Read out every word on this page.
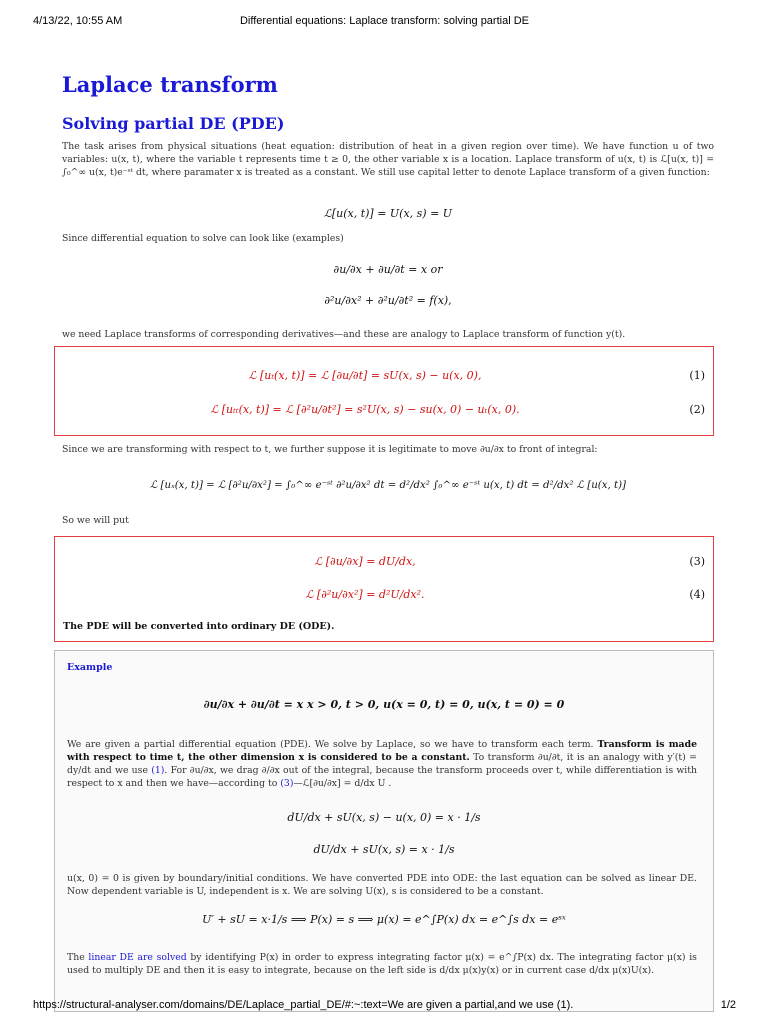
4/13/22, 10:55 AM	Differential equations: Laplace transform: solving partial DE
Laplace transform
Solving partial DE (PDE)
The task arises from physical situations (heat equation: distribution of heat in a given region over time). We have function u of two variables: u(x, t), where the variable t represents time t ≥ 0, the other variable x is a location. Laplace transform of u(x, t) is ℒ[u(x, t)] = ∫₀^∞ u(x, t)e⁻ˢᵗ dt, where paramater x is treated as a constant. We still use capital letter to denote Laplace transform of a given function:
ℒ[u(x, t)] = U(x, s) = U
Since differential equation to solve can look like (examples)
∂u/∂x + ∂u/∂t = x or
∂²u/∂x² + ∂²u/∂t² = f(x),
we need Laplace transforms of corresponding derivatives—and these are analogy to Laplace transform of function y(t).
ℒ [uₜ(x, t)] = ℒ [∂u/∂t] = sU(x, s) − u(x, 0),	(1)
ℒ [uₜₜ(x, t)] = ℒ [∂²u/∂t²] = s²U(x, s) − su(x, 0) − uₜ(x, 0).	(2)
Since we are transforming with respect to t, we further suppose it is legitimate to move ∂u/∂x to front of integral:
ℒ [uₓ(x, t)] = ℒ [∂²u/∂x²] = ∫₀^∞ e⁻ˢᵗ ∂²u/∂x² dt = d²/dx² ∫₀^∞ e⁻ˢᵗ u(x, t) dt = d²/dx² ℒ [u(x, t)]
So we will put
ℒ [∂u/∂x] = dU/dx,	(3)
ℒ [∂²u/∂x²] = d²U/dx².	(4)
The PDE will be converted into ordinary DE (ODE).
Example
∂u/∂x + ∂u/∂t = x x > 0, t > 0, u(x = 0, t) = 0, u(x, t = 0) = 0
We are given a partial differential equation (PDE). We solve by Laplace, so we have to transform each term. Transform is made with respect to time t, the other dimension x is considered to be a constant. To transform ∂u/∂t, it is an analogy with y′(t) = dy/dt and we use (1). For ∂u/∂x, we drag ∂/∂x out of the integral, because the transform proceeds over t, while differentiation is with respect to x and then we have—according to (3)—ℒ[∂u/∂x] = d/dx U .
dU/dx + sU(x, s) − u(x, 0) = x · 1/s
dU/dx + sU(x, s) = x · 1/s
u(x, 0) = 0 is given by boundary/initial conditions. We have converted PDE into ODE: the last equation can be solved as linear DE. Now dependent variable is U, independent is x. We are solving U(x), s is considered to be a constant.
U′ + sU = x·1/s ⟹ P(x) = s ⟹ μ(x) = e^∫P(x) dx = e^∫s dx = eˢˣ
The linear DE are solved by identifying P(x) in order to express integrating factor μ(x) = e^∫P(x) dx. The integrating factor μ(x) is used to multiply DE and then it is easy to integrate, because on the left side is d/dx μ(x)y(x) or in current case d/dx μ(x)U(x).
https://structural-analyser.com/domains/DE/Laplace_partial_DE/#:~:text=We are given a partial,and we use (1).	1/2
